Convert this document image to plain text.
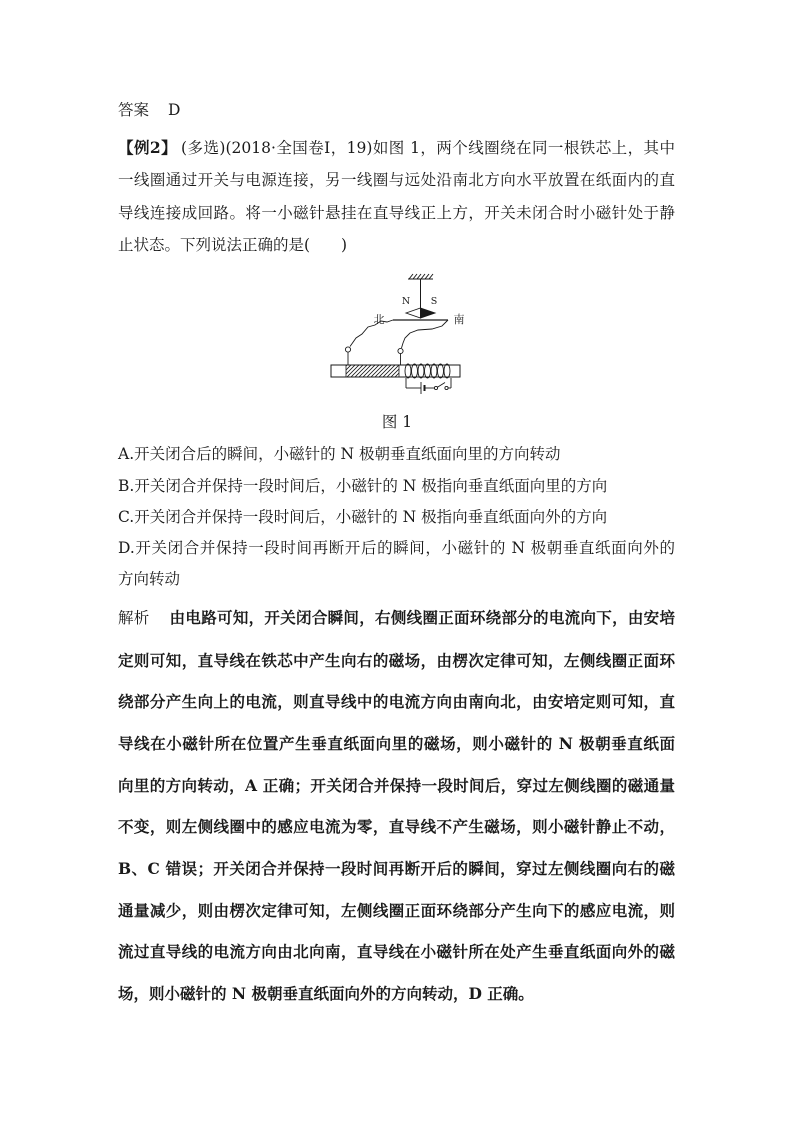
答案 D
【例2】 (多选)(2018·全国卷Ⅰ，19)如图 1，两个线圈绕在同一根铁芯上，其中
一线圈通过开关与电源连接，另一线圈与远处沿南北方向水平放置在纸面内的直
导线连接成回路。将一小磁针悬挂在直导线正上方，开关未闭合时小磁针处于静
止状态。下列说法正确的是(　　)
N S
北	南
图 1
A.开关闭合后的瞬间，小磁针的 N 极朝垂直纸面向里的方向转动
B.开关闭合并保持一段时间后，小磁针的 N 极指向垂直纸面向里的方向
C.开关闭合并保持一段时间后，小磁针的 N 极指向垂直纸面向外的方向
D.开关闭合并保持一段时间再断开后的瞬间，小磁针的 N 极朝垂直纸面向外的
方向转动
解析 由电路可知，开关闭合瞬间，右侧线圈正面环绕部分的电流向下，由安培
定则可知，直导线在铁芯中产生向右的磁场，由楞次定律可知，左侧线圈正面环
绕部分产生向上的电流，则直导线中的电流方向由南向北，由安培定则可知，直
导线在小磁针所在位置产生垂直纸面向里的磁场，则小磁针的 N 极朝垂直纸面
向里的方向转动，A 正确；开关闭合并保持一段时间后，穿过左侧线圈的磁通量
不变，则左侧线圈中的感应电流为零，直导线不产生磁场，则小磁针静止不动，
B、C 错误；开关闭合并保持一段时间再断开后的瞬间，穿过左侧线圈向右的磁
通量减少，则由楞次定律可知，左侧线圈正面环绕部分产生向下的感应电流，则
流过直导线的电流方向由北向南，直导线在小磁针所在处产生垂直纸面向外的磁
场，则小磁针的 N 极朝垂直纸面向外的方向转动，D 正确。
